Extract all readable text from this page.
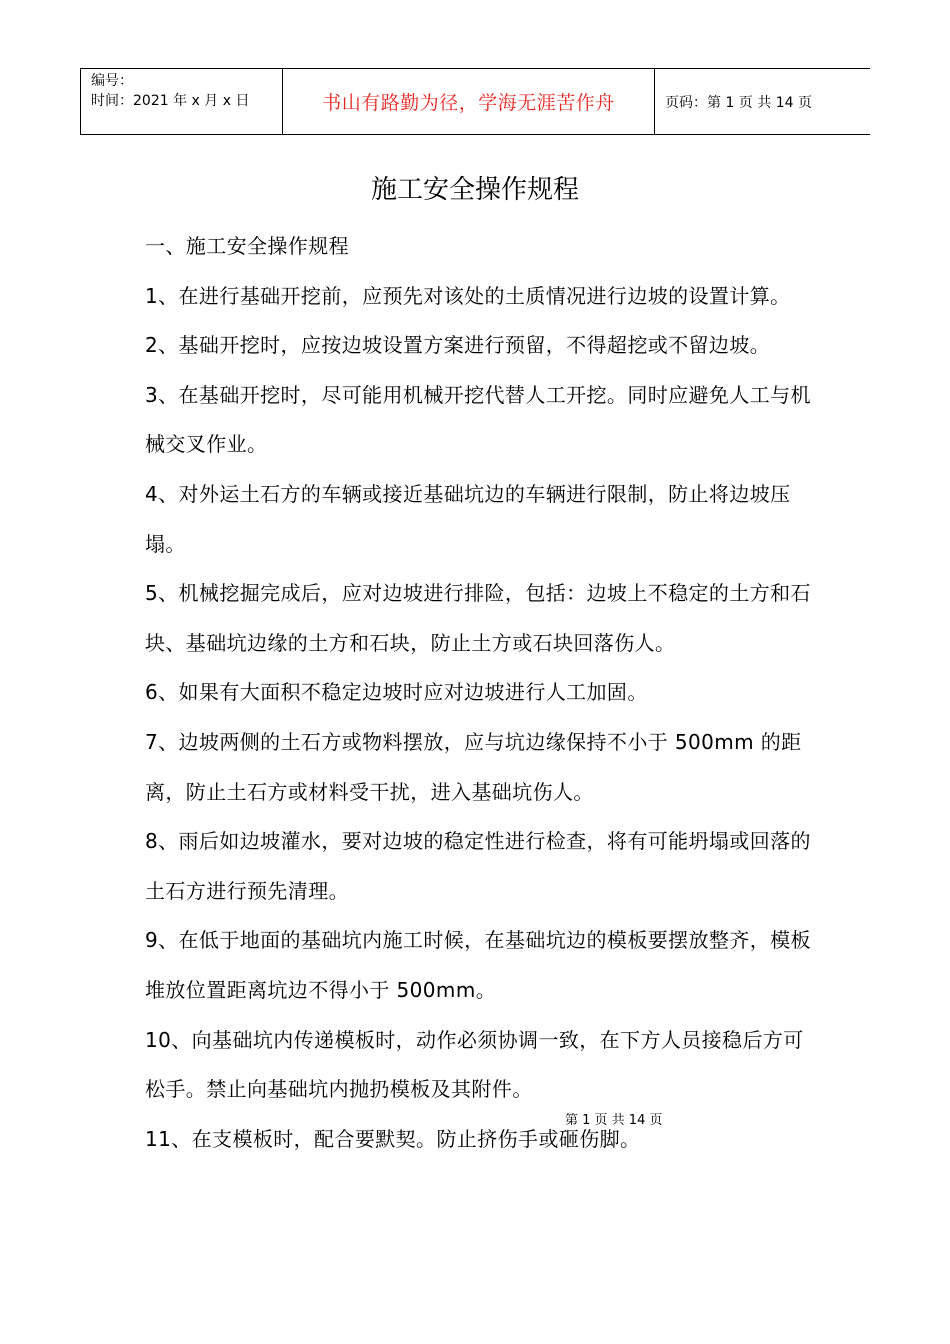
编号：
时间：2021 年 x 月 x 日	书山有路勤为径，学海无涯苦作舟	页码：第 1 页 共 14 页
施工安全操作规程

一、施工安全操作规程

1、在进行基础开挖前，应预先对该处的土质情况进行边坡的设置计算。

2、基础开挖时，应按边坡设置方案进行预留，不得超挖或不留边坡。

3、在基础开挖时，尽可能用机械开挖代替人工开挖。同时应避免人工与机械交叉作业。

4、对外运土石方的车辆或接近基础坑边的车辆进行限制，防止将边坡压塌。

5、机械挖掘完成后，应对边坡进行排险，包括：边坡上不稳定的土方和石块、基础坑边缘的土方和石块，防止土方或石块回落伤人。

6、如果有大面积不稳定边坡时应对边坡进行人工加固。

7、边坡两侧的土石方或物料摆放，应与坑边缘保持不小于 500mm 的距离，防止土石方或材料受干扰，进入基础坑伤人。

8、雨后如边坡灌水，要对边坡的稳定性进行检查，将有可能坍塌或回落的土石方进行预先清理。

9、在低于地面的基础坑内施工时候，在基础坑边的模板要摆放整齐，模板堆放位置距离坑边不得小于 500mm。

10、向基础坑内传递模板时，动作必须协调一致，在下方人员接稳后方可松手。禁止向基础坑内抛扔模板及其附件。

11、在支模板时，配合要默契。防止挤伤手或砸伤脚。

第 1 页 共 14 页
